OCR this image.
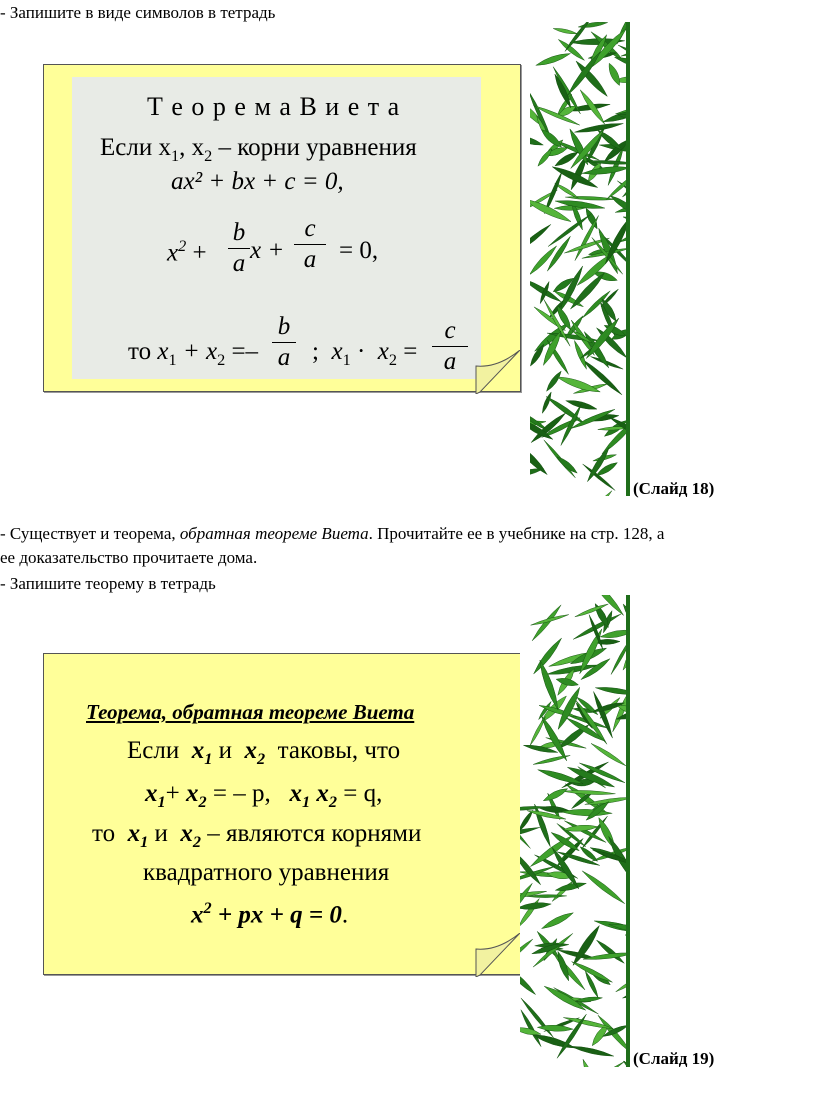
- Запишите в виде символов в тетрадь
Т е о р е м а В и е т а
Если $x_1$, $x_2$ – корни уравнения
ax² + bx + c = 0,
$x^2$ +
b
a x +
c
a = 0,
то $x_1 + x_2$ =–
b
a ; $x_1 \cdot x_2$ =
c
a
(Слайд 18)
- Существует и теорема, обратная теореме Виета. Прочитайте ее в учебнике на стр. 128, а
ее доказательство прочитаете дома.
- Запишите теорему в тетрадь
Теорема, обратная теореме Виета
Если $x_1$ и $x_2$ таковы, что
$x_1+ x_2$ = – р, $x_1$ $x_2 = q$,
то $x_1$ и $x_2$ – являются корнями
квадратного уравнения
$x^2$ + px + q = 0.
(Слайд 19)
